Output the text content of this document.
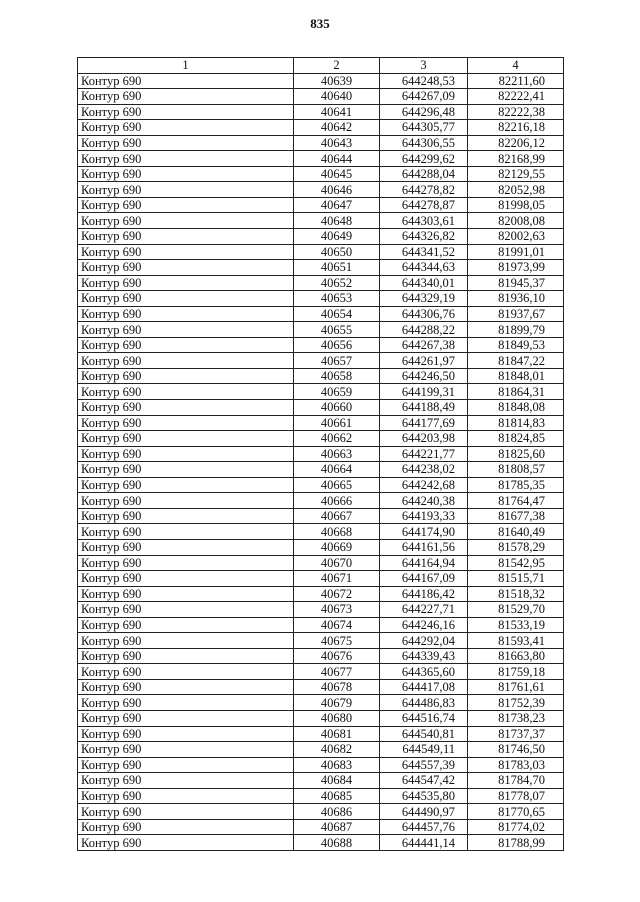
835
1	2	3	4
Контур 690	40639	644248,53	82211,60
Контур 690	40640	644267,09	82222,41
Контур 690	40641	644296,48	82222,38
Контур 690	40642	644305,77	82216,18
Контур 690	40643	644306,55	82206,12
Контур 690	40644	644299,62	82168,99
Контур 690	40645	644288,04	82129,55
Контур 690	40646	644278,82	82052,98
Контур 690	40647	644278,87	81998,05
Контур 690	40648	644303,61	82008,08
Контур 690	40649	644326,82	82002,63
Контур 690	40650	644341,52	81991,01
Контур 690	40651	644344,63	81973,99
Контур 690	40652	644340,01	81945,37
Контур 690	40653	644329,19	81936,10
Контур 690	40654	644306,76	81937,67
Контур 690	40655	644288,22	81899,79
Контур 690	40656	644267,38	81849,53
Контур 690	40657	644261,97	81847,22
Контур 690	40658	644246,50	81848,01
Контур 690	40659	644199,31	81864,31
Контур 690	40660	644188,49	81848,08
Контур 690	40661	644177,69	81814,83
Контур 690	40662	644203,98	81824,85
Контур 690	40663	644221,77	81825,60
Контур 690	40664	644238,02	81808,57
Контур 690	40665	644242,68	81785,35
Контур 690	40666	644240,38	81764,47
Контур 690	40667	644193,33	81677,38
Контур 690	40668	644174,90	81640,49
Контур 690	40669	644161,56	81578,29
Контур 690	40670	644164,94	81542,95
Контур 690	40671	644167,09	81515,71
Контур 690	40672	644186,42	81518,32
Контур 690	40673	644227,71	81529,70
Контур 690	40674	644246,16	81533,19
Контур 690	40675	644292,04	81593,41
Контур 690	40676	644339,43	81663,80
Контур 690	40677	644365,60	81759,18
Контур 690	40678	644417,08	81761,61
Контур 690	40679	644486,83	81752,39
Контур 690	40680	644516,74	81738,23
Контур 690	40681	644540,81	81737,37
Контур 690	40682	644549,11	81746,50
Контур 690	40683	644557,39	81783,03
Контур 690	40684	644547,42	81784,70
Контур 690	40685	644535,80	81778,07
Контур 690	40686	644490,97	81770,65
Контур 690	40687	644457,76	81774,02
Контур 690	40688	644441,14	81788,99
